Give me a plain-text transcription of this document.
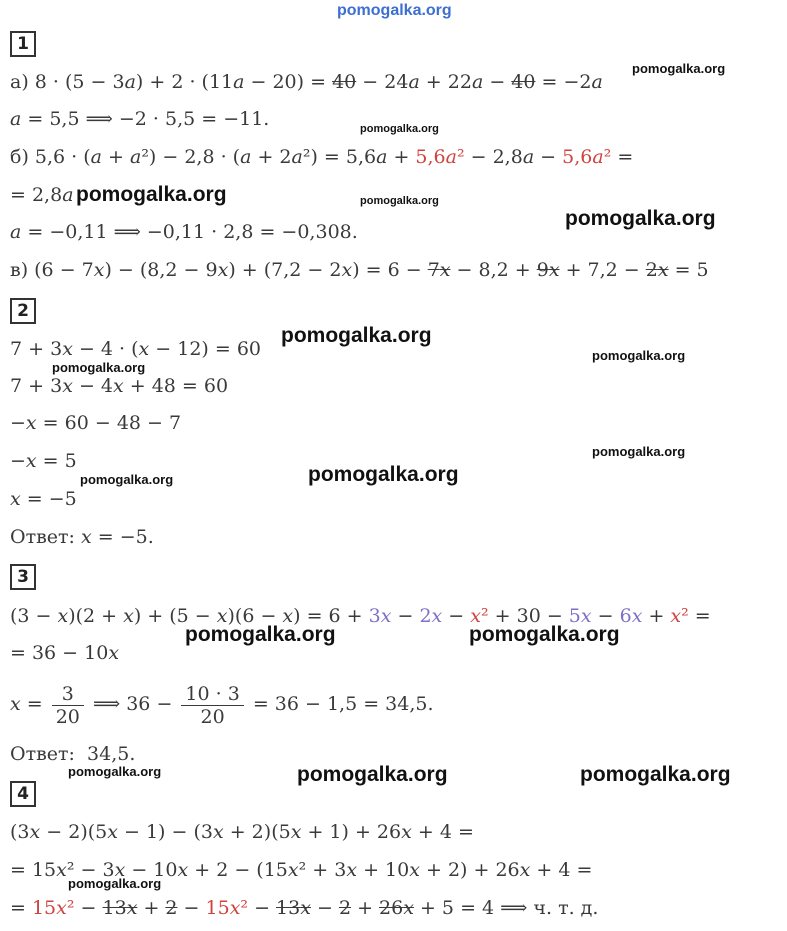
pomogalka.org
1
а) 8 · (5 − 3a) + 2 · (11a − 20) = 40 − 24a + 22a − 40 = −2a
a = 5,5 ⟹ −2 · 5,5 = −11.
б) 5,6 · (a + a²) − 2,8 · (a + 2a²) = 5,6a + 5,6a² − 2,8a − 5,6a² =
= 2,8a
a = −0,11 ⟹ −0,11 · 2,8 = −0,308.
в) (6 − 7x) − (8,2 − 9x) + (7,2 − 2x) = 6 − 7x − 8,2 + 9x + 7,2 − 2x = 5
2
7 + 3x − 4 · (x − 12) = 60
7 + 3x − 4x + 48 = 60
−x = 60 − 48 − 7
−x = 5
x = −5
Ответ: x = −5.
3
(3 − x)(2 + x) + (5 − x)(6 − x) = 6 + 3x − 2x − x² + 30 − 5x − 6x + x² =
= 36 − 10x
$x = \frac{3}{20}$ ⟹ $36 - \frac{10 \cdot 3}{20} = 36 - 1,5 = 34,5$.
Ответ:  34,5.
4
(3x − 2)(5x − 1) − (3x + 2)(5x + 1) + 26x + 4 =
= 15x² − 3x − 10x + 2 − (15x² + 3x + 10x + 2) + 26x + 4 =
= 15x² − 13x + 2 − 15x² − 13x − 2 + 26x + 5 = 4 ⟹ ч. т. д.
pomogalka.org
pomogalka.org
pomogalka.org	pomogalka.org
pomogalka.org
pomogalka.org
pomogalka.org
pomogalka.org
pomogalka.org
pomogalka.org
pomogalka.org
pomogalka.org	pomogalka.org
pomogalka.org	pomogalka.org	pomogalka.org
pomogalka.org
